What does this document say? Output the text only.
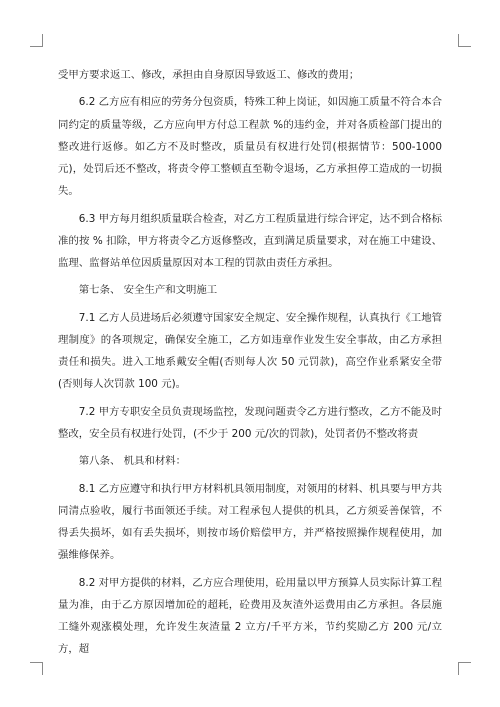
受甲方要求返工、修改，承担由自身原因导致返工、修改的费用；

6.2 乙方应有相应的劳务分包资质，特殊工种上岗证，如因施工质量不符合本合同约定的质量等级，乙方应向甲方付总工程款 %的违约金，并对各质检部门提出的整改进行返修。如乙方不及时整改，质量员有权进行处罚(根据情节：500-1000 元)，处罚后还不整改，将责令停工整顿直至勒令退场，乙方承担停工造成的一切损失。

6.3 甲方每月组织质量联合检查，对乙方工程质量进行综合评定，达不到合格标准的按 % 扣除，甲方将责令乙方返修整改，直到满足质量要求，对在施工中建设、监理、监督站单位因质量原因对本工程的罚款由责任方承担。

第七条、 安全生产和文明施工

7.1 乙方人员进场后必须遵守国家安全规定、安全操作规程，认真执行《工地管理制度》的各项规定，确保安全施工，乙方如违章作业发生安全事故，由乙方承担责任和损失。进入工地系戴安全帽(否则每人次 50 元罚款)，高空作业系紧安全带(否则每人次罚款 100 元)。

7.2 甲方专职安全员负责现场监控，发现问题责令乙方进行整改，乙方不能及时整改，安全员有权进行处罚，(不少于 200 元/次的罚款)，处罚者仍不整改将责

第八条、 机具和材料：

8.1 乙方应遵守和执行甲方材料机具领用制度，对领用的材料、机具要与甲方共同清点验收，履行书面领还手续。对工程承包人提供的机具，乙方须妥善保管，不得丢失损坏，如有丢失损坏，则按市场价赔偿甲方，并严格按照操作规程使用，加强维修保养。

8.2 对甲方提供的材料，乙方应合理使用，砼用量以甲方预算人员实际计算工程量为准，由于乙方原因增加砼的超耗，砼费用及灰渣外运费用由乙方承担。各层施工缝外观涨模处理，允许发生灰渣量 2 立方/千平方米，节约奖励乙方 200 元/立方，超
